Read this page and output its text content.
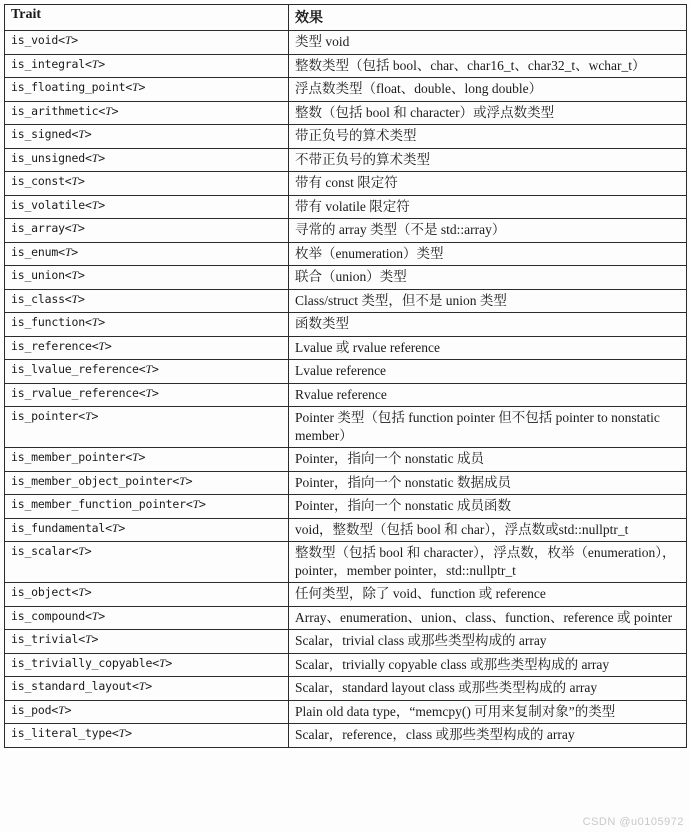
Trait	效果
is_void<T>	类型 void
is_integral<T>	整数类型（包括 bool、char、char16_t、char32_t、wchar_t）
is_floating_point<T>	浮点数类型（float、double、long double）
is_arithmetic<T>	整数（包括 bool 和 character）或浮点数类型
is_signed<T>	带正负号的算术类型
is_unsigned<T>	不带正负号的算术类型
is_const<T>	带有 const 限定符
is_volatile<T>	带有 volatile 限定符
is_array<T>	寻常的 array 类型（不是 std::array）
is_enum<T>	枚举（enumeration）类型
is_union<T>	联合（union）类型
is_class<T>	Class/struct 类型，但不是 union 类型
is_function<T>	函数类型
is_reference<T>	Lvalue 或 rvalue reference
is_lvalue_reference<T>	Lvalue reference
is_rvalue_reference<T>	Rvalue reference
is_pointer<T>	Pointer 类型（包括 function pointer 但不包括 pointer to nonstatic member）
is_member_pointer<T>	Pointer，指向一个 nonstatic 成员
is_member_object_pointer<T>	Pointer，指向一个 nonstatic 数据成员
is_member_function_pointer<T>	Pointer，指向一个 nonstatic 成员函数
is_fundamental<T>	void，整数型（包括 bool 和 char），浮点数或std::nullptr_t
is_scalar<T>	整数型（包括 bool 和 character），浮点数，枚举（enumeration），pointer，member pointer，std::nullptr_t
is_object<T>	任何类型，除了 void、function 或 reference
is_compound<T>	Array、enumeration、union、class、function、reference 或 pointer
is_trivial<T>	Scalar，trivial class 或那些类型构成的 array
is_trivially_copyable<T>	Scalar，trivially copyable class 或那些类型构成的 array
is_standard_layout<T>	Scalar，standard layout class 或那些类型构成的 array
is_pod<T>	Plain old data type，“memcpy() 可用来复制对象”的类型
is_literal_type<T>	Scalar，reference，class 或那些类型构成的 array
CSDN @u0105972
